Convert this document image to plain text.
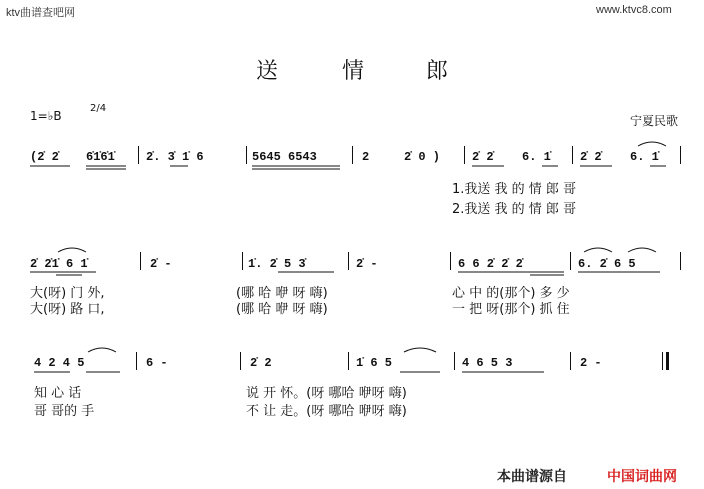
ktv曲谱查吧网	www.ktvc8.com
送	情	郎
1=♭B
2/4
宁夏民歌
(2̇ 2̇ 6̇1̇6̇1̇	2̇. 3̇ 1̇ 6	5645 6543	2	2̇ 0 )	2̇ 2̇ 6. 1̇ 2̇ 2̇ 6. 1̇
1.我送 我 的 情 郎 哥
2.我送 我 的 情 郎 哥
2̇ 2̇1̇ 6 1̇	2̇ -	1̇. 2̇ 5 3̇	2̇ -	6 6 2̇ 2̇ 2̇	6. 2̇ 6 5
大(呀) 门 外,	(哪 哈 咿 呀 嗨)	心 中 的(那个) 多 少
大(呀) 路 口,	(哪 哈 咿 呀 嗨)	一 把 呀(那个) 抓 住
4 2 4 5	6 -	2̇ 2	1̇ 6 5	4 6 5 3	2 -
知 心 话	说 开 怀。(呀 哪哈 咿呀 嗨)
哥 哥的 手	不 让 走。(呀 哪哈 咿呀 嗨)
本曲谱源自	中国词曲网
